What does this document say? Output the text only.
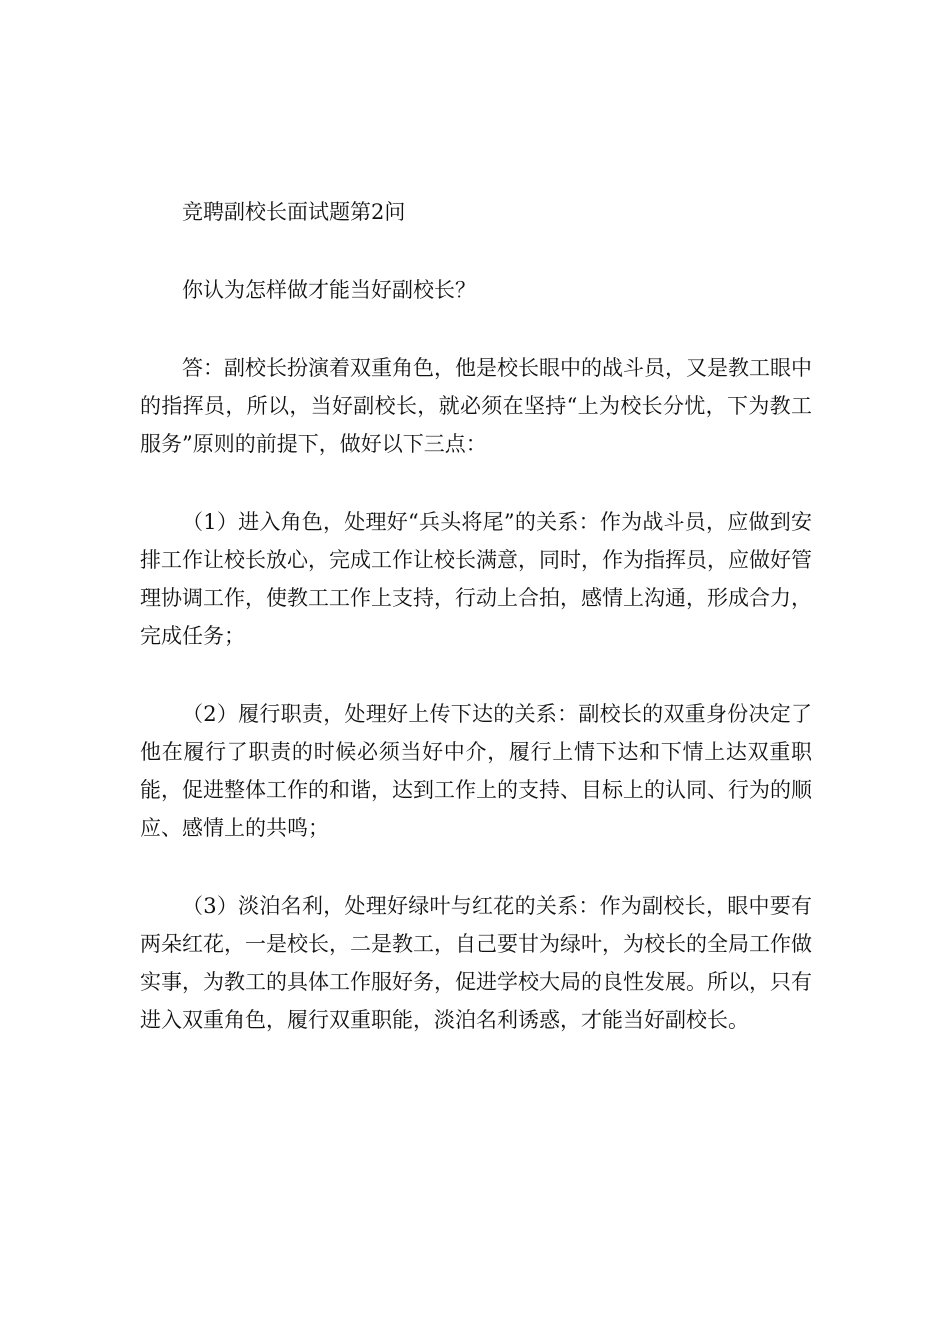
竞聘副校长面试题第2问

你认为怎样做才能当好副校长？

答：副校长扮演着双重角色，他是校长眼中的战斗员，又是教工眼中的指挥员，所以，当好副校长，就必须在坚持“上为校长分忧，下为教工服务”原则的前提下，做好以下三点：

（1）进入角色，处理好“兵头将尾”的关系：作为战斗员，应做到安排工作让校长放心，完成工作让校长满意，同时，作为指挥员，应做好管理协调工作，使教工工作上支持，行动上合拍，感情上沟通，形成合力，完成任务；

（2）履行职责，处理好上传下达的关系：副校长的双重身份决定了他在履行了职责的时候必须当好中介，履行上情下达和下情上达双重职能，促进整体工作的和谐，达到工作上的支持、目标上的认同、行为的顺应、感情上的共鸣；

（3）淡泊名利，处理好绿叶与红花的关系：作为副校长，眼中要有两朵红花，一是校长，二是教工，自己要甘为绿叶，为校长的全局工作做实事，为教工的具体工作服好务，促进学校大局的良性发展。所以，只有进入双重角色，履行双重职能，淡泊名利诱惑，才能当好副校长。
